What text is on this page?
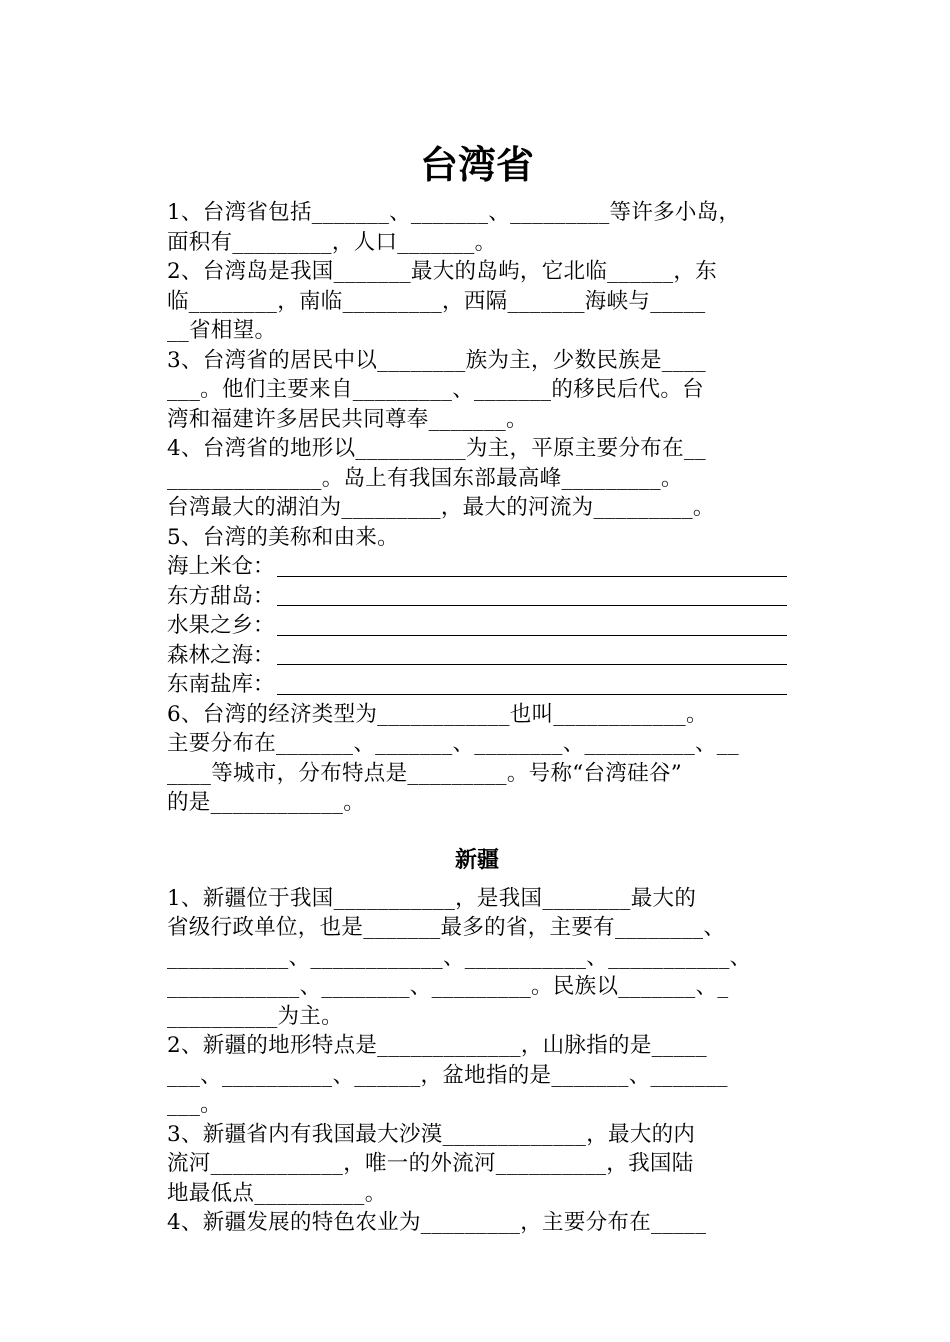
台湾省
1、台湾省包括_______、_______、_________等许多小岛，
面积有_________，人口_______。
2、台湾岛是我国_______最大的岛屿，它北临______，东
临________，南临_________，西隔_______海峡与_____
__省相望。
3、台湾省的居民中以________族为主，少数民族是____
___。他们主要来自_________、_______的移民后代。台
湾和福建许多居民共同尊奉_______。
4、台湾省的地形以__________为主，平原主要分布在__
______________。岛上有我国东部最高峰_________。
台湾最大的湖泊为_________，最大的河流为_________。
5、台湾的美称和由来。
海上米仓：
东方甜岛：
水果之乡：
森林之海：
东南盐库：
6、台湾的经济类型为____________也叫____________。
主要分布在_______、_______、________、__________、__
____等城市，分布特点是_________。号称“台湾硅谷”
的是____________。
新疆
1、新疆位于我国___________，是我国________最大的
省级行政单位，也是_______最多的省，主要有________、
___________、____________、___________、___________、
____________、________、_________。民族以_______、_
__________为主。
2、新疆的地形特点是_____________，山脉指的是_____
___、__________、______，盆地指的是_______、_______
___。
3、新疆省内有我国最大沙漠_____________，最大的内
流河____________，唯一的外流河__________，我国陆
地最低点__________。
4、新疆发展的特色农业为_________，主要分布在_____
